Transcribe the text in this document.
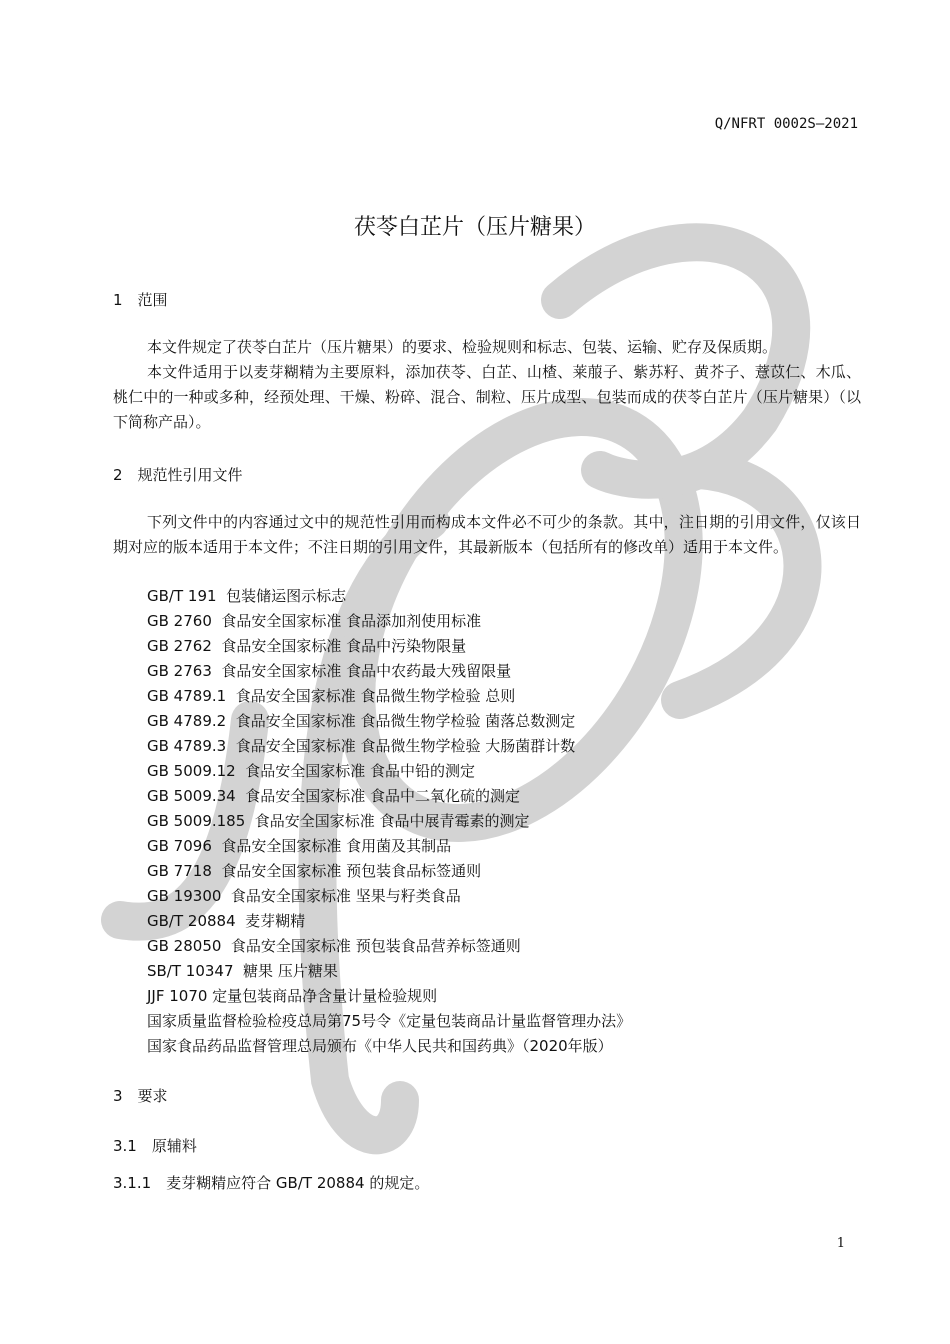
Q/NFRT 0002S—2021
茯苓白芷片（压片糖果）
1　范围
本文件规定了茯苓白芷片（压片糖果）的要求、检验规则和标志、包装、运输、贮存及保质期。
本文件适用于以麦芽糊精为主要原料，添加茯苓、白芷、山楂、莱菔子、紫苏籽、黄芥子、薏苡仁、木瓜、桃仁中的一种或多种，经预处理、干燥、粉碎、混合、制粒、压片成型、包装而成的茯苓白芷片（压片糖果）（以下简称产品）。
2　规范性引用文件
下列文件中的内容通过文中的规范性引用而构成本文件必不可少的条款。其中，注日期的引用文件，仅该日期对应的版本适用于本文件；不注日期的引用文件，其最新版本（包括所有的修改单）适用于本文件。
GB/T 191  包装储运图示标志
GB 2760  食品安全国家标准 食品添加剂使用标准
GB 2762  食品安全国家标准 食品中污染物限量
GB 2763  食品安全国家标准 食品中农药最大残留限量
GB 4789.1  食品安全国家标准 食品微生物学检验 总则
GB 4789.2  食品安全国家标准 食品微生物学检验 菌落总数测定
GB 4789.3  食品安全国家标准 食品微生物学检验 大肠菌群计数
GB 5009.12  食品安全国家标准 食品中铅的测定
GB 5009.34  食品安全国家标准 食品中二氧化硫的测定
GB 5009.185  食品安全国家标准 食品中展青霉素的测定
GB 7096  食品安全国家标准 食用菌及其制品
GB 7718  食品安全国家标准 预包装食品标签通则
GB 19300  食品安全国家标准 坚果与籽类食品
GB/T 20884  麦芽糊精
GB 28050  食品安全国家标准 预包装食品营养标签通则
SB/T 10347  糖果 压片糖果
JJF 1070 定量包装商品净含量计量检验规则
国家质量监督检验检疫总局第75号令《定量包装商品计量监督管理办法》
国家食品药品监督管理总局颁布《中华人民共和国药典》（2020年版）
3　要求
3.1　原辅料
3.1.1　麦芽糊精应符合 GB/T 20884 的规定。
1
